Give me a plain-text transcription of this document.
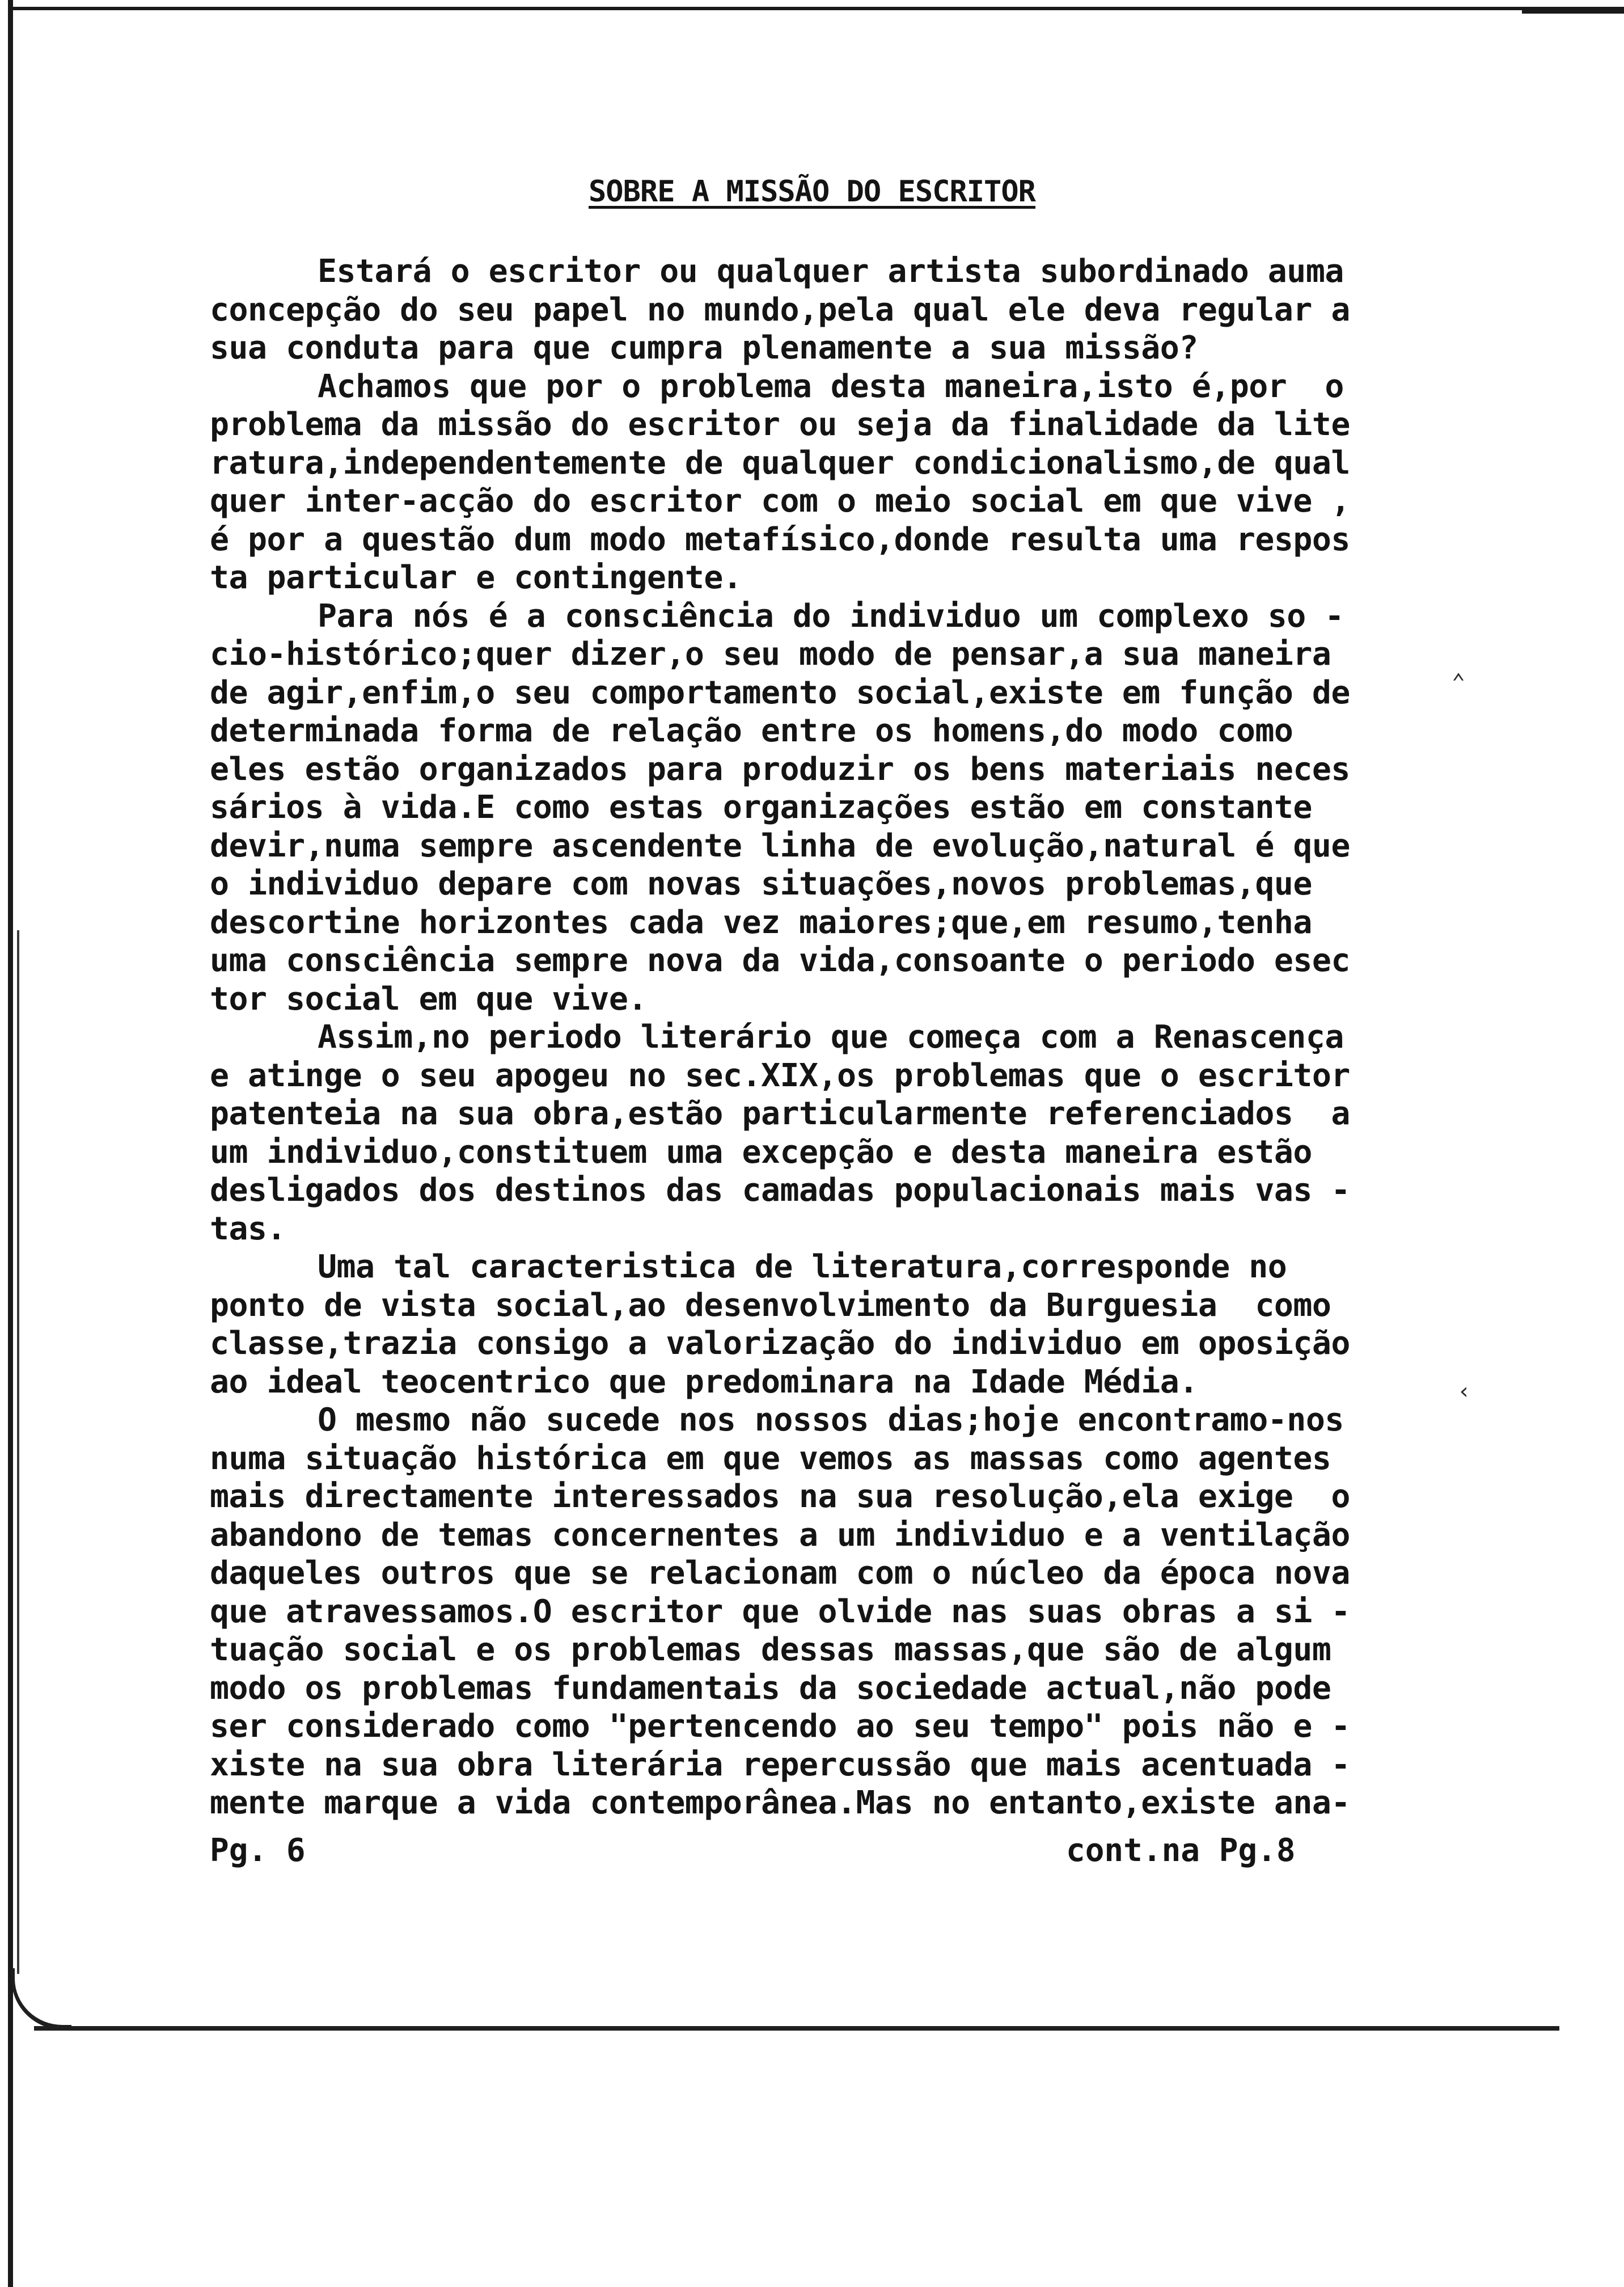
SOBRE A MISSÃO DO ESCRITOR
Estará o escritor ou qualquer artista subordinado auma
concepção do seu papel no mundo,pela qual ele deva regular a
sua conduta para que cumpra plenamente a sua missão?
Achamos que por o problema desta maneira,isto é,por  o
problema da missão do escritor ou seja da finalidade da lite
ratura,independentemente de qualquer condicionalismo,de qual
quer inter-acção do escritor com o meio social em que vive ,
é por a questão dum modo metafísico,donde resulta uma respos
ta particular e contingente.
Para nós é a consciência do individuo um complexo so -
cio-histórico;quer dizer,o seu modo de pensar,a sua maneira
de agir,enfim,o seu comportamento social,existe em função de
determinada forma de relação entre os homens,do modo como
eles estão organizados para produzir os bens materiais neces
sários à vida.E como estas organizações estão em constante
devir,numa sempre ascendente linha de evolução,natural é que
o individuo depare com novas situações,novos problemas,que
descortine horizontes cada vez maiores;que,em resumo,tenha
uma consciência sempre nova da vida,consoante o periodo esec
tor social em que vive.
Assim,no periodo literário que começa com a Renascença
e atinge o seu apogeu no sec.XIX,os problemas que o escritor
patenteia na sua obra,estão particularmente referenciados  a
um individuo,constituem uma excepção e desta maneira estão
desligados dos destinos das camadas populacionais mais vas -
tas.
Uma tal caracteristica de literatura,corresponde no
ponto de vista social,ao desenvolvimento da Burguesia  como
classe,trazia consigo a valorização do individuo em oposição
ao ideal teocentrico que predominara na Idade Média.
O mesmo não sucede nos nossos dias;hoje encontramo-nos
numa situação histórica em que vemos as massas como agentes
mais directamente interessados na sua resolução,ela exige  o
abandono de temas concernentes a um individuo e a ventilação
daqueles outros que se relacionam com o núcleo da época nova
que atravessamos.O escritor que olvide nas suas obras a si -
tuação social e os problemas dessas massas,que são de algum
modo os problemas fundamentais da sociedade actual,não pode
ser considerado como "pertencendo ao seu tempo" pois não e -
xiste na sua obra literária repercussão que mais acentuada -
mente marque a vida contemporânea.Mas no entanto,existe ana-
Pg. 6	cont.na Pg.8
⌃
‹
